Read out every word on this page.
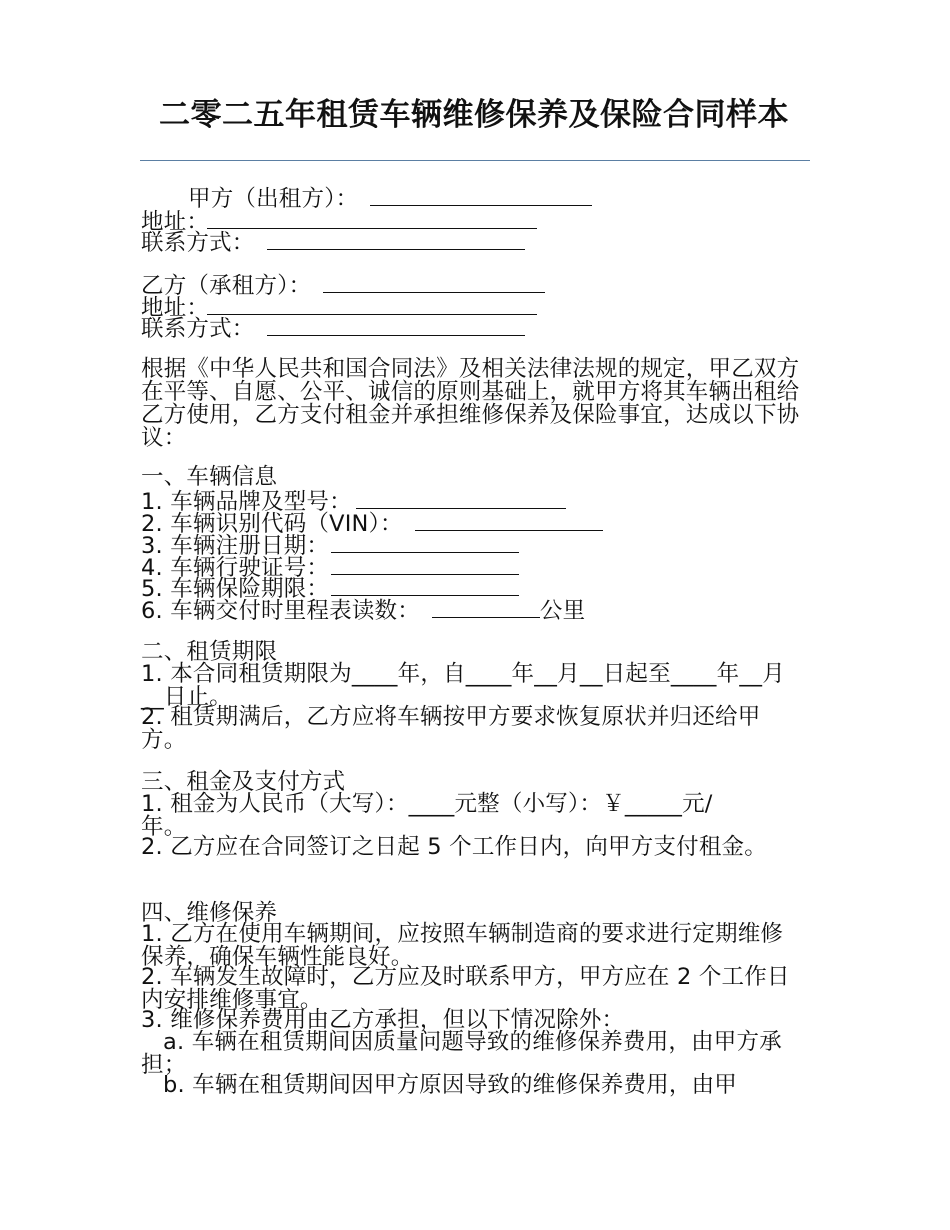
二零二五年租赁车辆维修保养及保险合同样本
甲方（出租方）：
地址：
联系方式：
乙方（承租方）：
地址：
联系方式：
根据《中华人民共和国合同法》及相关法律法规的规定，甲乙双方在平等、自愿、公平、诚信的原则基础上，就甲方将其车辆出租给乙方使用，乙方支付租金并承担维修保养及保险事宜，达成以下协议：
一、车辆信息
1. 车辆品牌及型号：
2. 车辆识别代码（VIN）：
3. 车辆注册日期：
4. 车辆行驶证号：
5. 车辆保险期限：
6. 车辆交付时里程表读数：	公里
二、租赁期限
1. 本合同租赁期限为____年，自____年__月__日起至____年__月__日止。
2. 租赁期满后，乙方应将车辆按甲方要求恢复原状并归还给甲方。
三、租金及支付方式
1. 租金为人民币（大写）：____元整（小写）：￥_____元/年。
2. 乙方应在合同签订之日起 5 个工作日内，向甲方支付租金。
四、维修保养
1. 乙方在使用车辆期间，应按照车辆制造商的要求进行定期维修保养，确保车辆性能良好。
2. 车辆发生故障时，乙方应及时联系甲方，甲方应在 2 个工作日内安排维修事宜。
3. 维修保养费用由乙方承担，但以下情况除外：
a. 车辆在租赁期间因质量问题导致的维修保养费用，由甲方承担；
b. 车辆在租赁期间因甲方原因导致的维修保养费用，由甲
